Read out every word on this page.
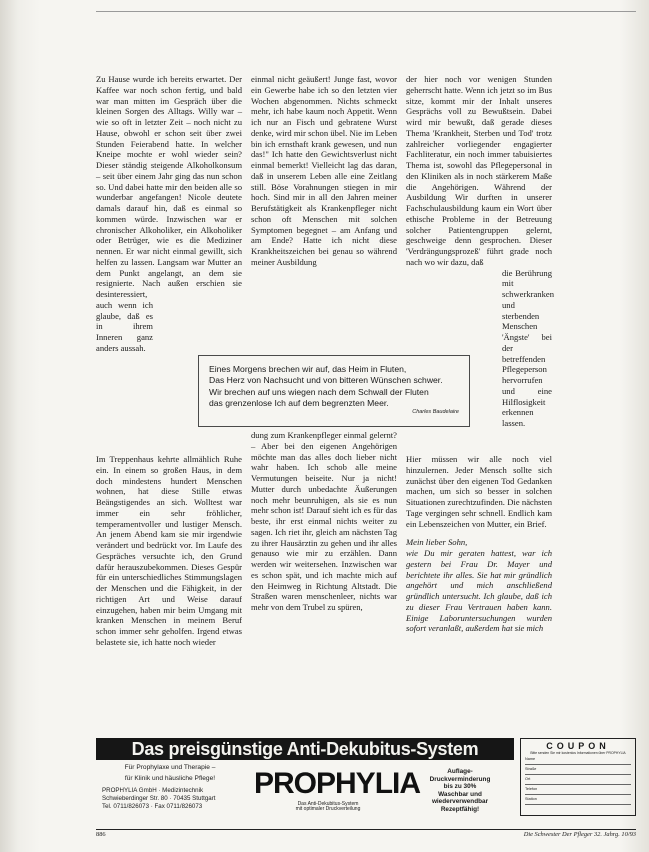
Zu Hause wurde ich bereits erwartet. Der Kaffee war noch schon fertig, und bald war man mitten im Gespräch über die kleinen Sorgen des Alltags. Willy war – wie so oft in letzter Zeit – noch nicht zu Hause, obwohl er schon seit über zwei Stunden Feierabend hatte. In welcher Kneipe mochte er wohl wieder sein? Dieser ständig steigende Alkoholkonsum – seit über einem Jahr ging das nun schon so. Und dabei hatte mir den beiden alle so wunderbar angefangen! Nicole deutete damals darauf hin, daß es einmal so kommen würde. Inzwischen war er chronischer Alkoholiker, ein Alkoholiker oder Betrüger, wie es die Mediziner nennen. Er war nicht einmal gewillt, sich helfen zu lassen. Langsam war Mutter an dem Punkt angelangt, an dem sie resignierte. Nach außen erschien sie desinteressiert,

auch wenn ich glaube, daß es in ihrem Inneren ganz anders aussah.

einmal nicht geäußert! Junge fast, wovor ein Gewerbe habe ich so den letzten vier Wochen abgenommen. Nichts schmeckt mehr, ich habe kaum noch Appetit. Wenn ich nur an Fisch und gebratene Wurst denke, wird mir schon übel. Nie im Leben bin ich ernsthaft krank gewesen, und nun das!" Ich hatte den Gewichtsverlust nicht einmal bemerkt! Vielleicht lag das daran, daß in unserem Leben alle eine Zeitlang still. Böse Vorahnungen stiegen in mir hoch. Sind mir in all den Jahren meiner Berufstätigkeit als Krankenpfleger nicht schon oft Menschen mit solchen Symptomen begegnet – am Anfang und am Ende? Hatte ich nicht diese Krankheitszeichen bei genau so während meiner Ausbildung

der hier noch vor wenigen Stunden geherrscht hatte. Wenn ich jetzt so im Bus sitze, kommt mir der Inhalt unseres Gesprächs voll zu Bewußtsein. Dabei wird mir bewußt, daß gerade dieses Thema 'Krankheit, Sterben und Tod' trotz zahlreicher vorliegender engagierter Fachliteratur, ein noch immer tabuisiertes Thema ist, sowohl das Pflegepersonal in den Kliniken als in noch stärkerem Maße die Angehörigen. Während der Ausbildung Wir durften in unserer Fachschulausbildung kaum ein Wort über ethische Probleme in der Betreuung solcher Patientengruppen gelernt, geschweige denn gesprochen. Dieser 'Verdrängungsprozeß' führt grade noch nach wo wir dazu, daß

die Berührung mit schwerkranken und sterbenden Menschen 'Ängste' bei der betreffenden Pflegeperson hervorrufen und eine Hilflosigkeit erkennen lassen.

Eines Morgens brechen wir auf, das Heim in Fluten,
Das Herz von Nachsucht und von bitteren Wünschen schwer.
Wir brechen auf uns wiegen nach dem Schwall der Fluten
das grenzenlose Ich auf dem begrenzten Meer.
Charles Baudelaire

Im Treppenhaus kehrte allmählich Ruhe ein. In einem so großen Haus, in dem doch mindestens hundert Menschen wohnen, hat diese Stille etwas Beängstigendes an sich. Wolltest war immer ein sehr fröhlicher, temperamentvoller und lustiger Mensch. An jenem Abend kam sie mir irgendwie verändert und bedrückt vor. Im Laufe des Gespräches versuchte ich, den Grund dafür herauszubekommen. Dieses Gespür für ein unterschiedliches Stimmungslagen der Menschen und die Fähigkeit, in der richtigen Art und Weise darauf einzugehen, haben mir beim Umgang mit kranken Menschen in meinem Beruf schon immer sehr geholfen. Irgend etwas belastete sie, ich hatte noch wieder

dung zum Krankenpfleger einmal gelernt? – Aber bei den eigenen Angehörigen möchte man das alles doch lieber nicht wahr haben. Ich schob alle meine Vermutungen beiseite. Nur ja nicht! Mutter durch unbedachte Äußerungen noch mehr beunruhigen, als sie es nun mehr schon ist! Darauf sieht ich es für das beste, ihr erst einmal nichts weiter zu sagen. Ich riet ihr, gleich am nächsten Tag zu ihrer Hausärztin zu gehen und ihr alles genauso wie mir zu erzählen. Dann werden wir weitersehen. Inzwischen war es schon spät, und ich machte mich auf den Heimweg in Richtung Altstadt. Die Straßen waren menschenleer, nichts war mehr von dem Trubel zu spüren,

Hier müssen wir alle noch viel hinzulernen. Jeder Mensch sollte sich zunächst über den eigenen Tod Gedanken machen, um sich so besser in solchen Situationen zurechtzufinden. Die nächsten Tage vergingen sehr schnell. Endlich kam ein Lebenszeichen von Mutter, ein Brief.

Mein lieber Sohn,

wie Du mir geraten hattest, war ich gestern bei Frau Dr. Mayer und berichtete ihr alles. Sie hat mir gründlich angehört und mich anschließend gründlich untersucht. Ich glaube, daß ich zu dieser Frau Vertrauen haben kann. Einige Laboruntersuchungen wurden sofort veranlaßt, außerdem hat sie mich

Das preisgünstige Anti-Dekubitus-System
Für Prophylaxe und Therapie –
für Klinik und häusliche Pflege!
PROPHYLIA GmbH · Medizintechnik
Schwieberdinger Str. 80 · 70435 Stuttgart
Tel. 0711/826073 · Fax 0711/826073
PROPHYLIA
Das Anti-Dekubitus-System
mit optimaler Druckverteilung
Auflage-
Druckverminderung
bis zu 30%
Waschbar und wiederverwendbar
Rezeptfähig!
COUPON
Bitte senden Sie mir kostenlos Informationen über PROPHYLIA
Name
Straße
Ort
Telefon
Station
886	Die Schwester Der Pfleger 32. Jahrg. 10/93
